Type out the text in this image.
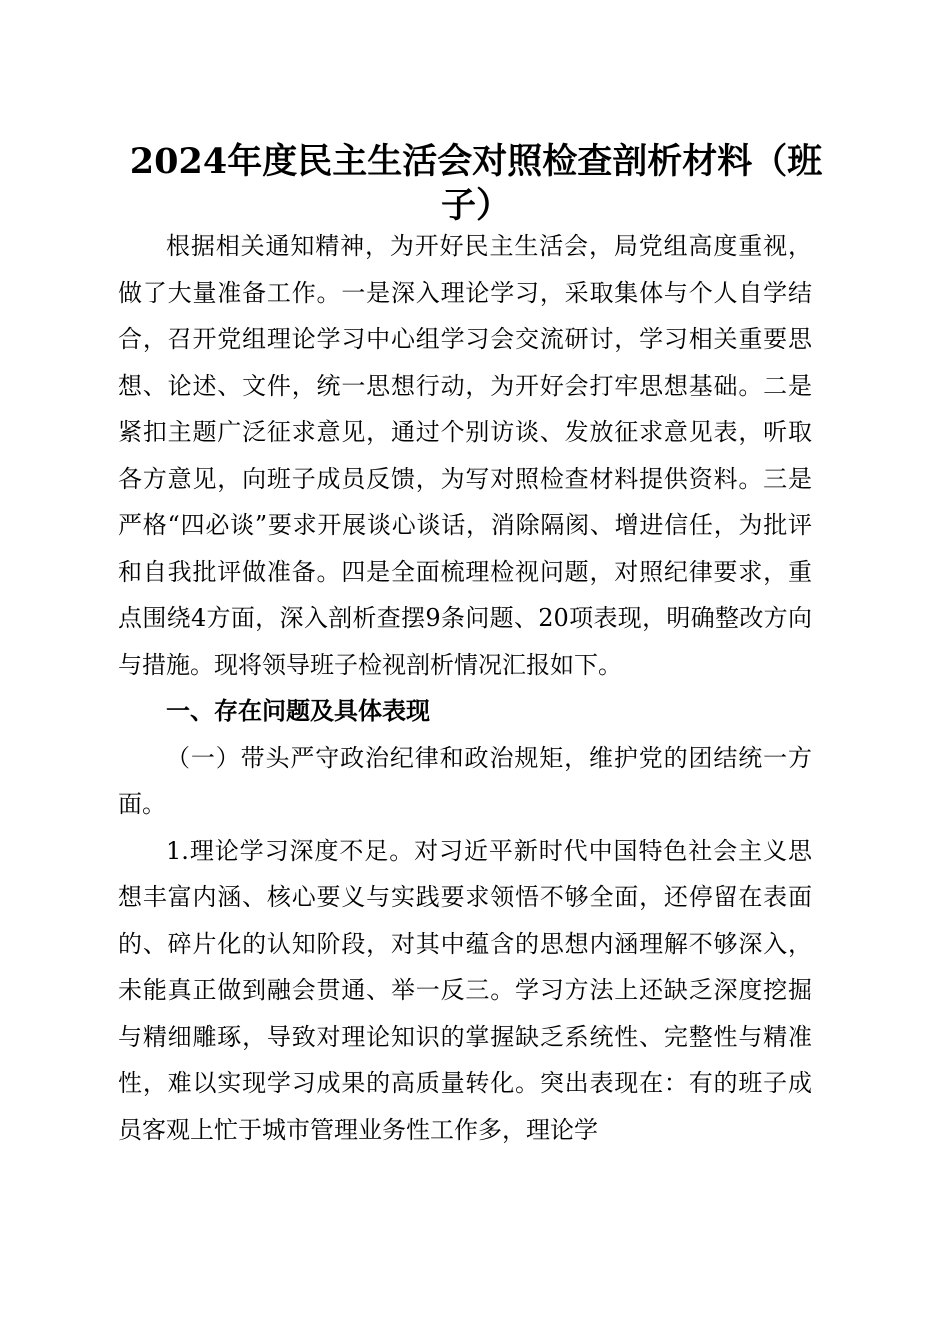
2024年度民主生活会对照检查剖析材料（班子）

根据相关通知精神，为开好民主生活会，局党组高度重视，做了大量准备工作。一是深入理论学习，采取集体与个人自学结合，召开党组理论学习中心组学习会交流研讨，学习相关重要思想、论述、文件，统一思想行动，为开好会打牢思想基础。二是紧扣主题广泛征求意见，通过个别访谈、发放征求意见表，听取各方意见，向班子成员反馈，为写对照检查材料提供资料。三是严格“四必谈”要求开展谈心谈话，消除隔阂、增进信任，为批评和自我批评做准备。四是全面梳理检视问题，对照纪律要求，重点围绕4方面，深入剖析查摆9条问题、20项表现，明确整改方向与措施。现将领导班子检视剖析情况汇报如下。

一、存在问题及具体表现

（一）带头严守政治纪律和政治规矩，维护党的团结统一方面。

1.理论学习深度不足。对习近平新时代中国特色社会主义思想丰富内涵、核心要义与实践要求领悟不够全面，还停留在表面的、碎片化的认知阶段，对其中蕴含的思想内涵理解不够深入，未能真正做到融会贯通、举一反三。学习方法上还缺乏深度挖掘与精细雕琢，导致对理论知识的掌握缺乏系统性、完整性与精准性，难以实现学习成果的高质量转化。突出表现在：有的班子成员客观上忙于城市管理业务性工作多，理论学
